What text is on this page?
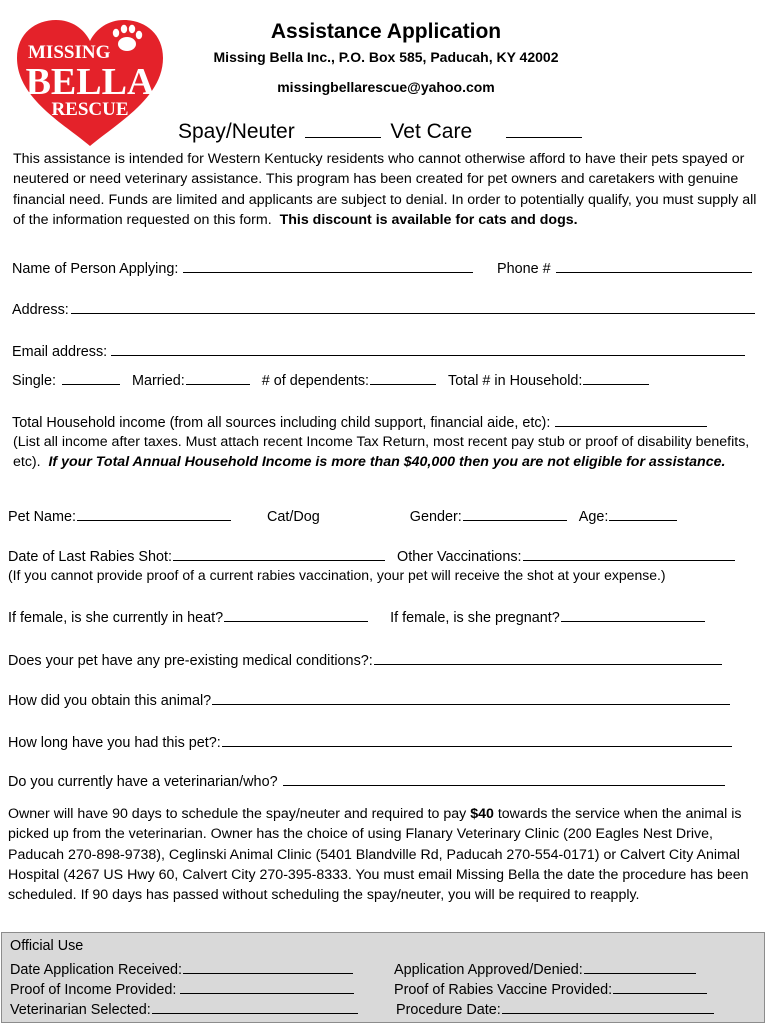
MISSING
BELLA
RESCUE
Assistance Application
Missing Bella Inc., P.O. Box 585, Paducah, KY 42002
missingbellarescue@yahoo.com
Spay/Neuter	Vet Care
This assistance is intended for Western Kentucky residents who cannot otherwise afford to have their pets spayed or neutered or need veterinary assistance. This program has been created for pet owners and caretakers with genuine financial need. Funds are limited and applicants are subject to denial. In order to potentially qualify, you must supply all of the information requested on this form. This discount is available for cats and dogs.
Name of Person Applying:	Phone #
Address:
Email address:
Single:	Married:	# of dependents:	Total # in Household:
Total Household income (from all sources including child support, financial aide, etc):
(List all income after taxes. Must attach recent Income Tax Return, most recent pay stub or proof of disability benefits, etc). If your Total Annual Household Income is more than $40,000 then you are not eligible for assistance.
Pet Name:	Cat/Dog	Gender:	Age:
Date of Last Rabies Shot:	Other Vaccinations:
(If you cannot provide proof of a current rabies vaccination, your pet will receive the shot at your expense.)
If female, is she currently in heat?	If female, is she pregnant?
Does your pet have any pre-existing medical conditions?:
How did you obtain this animal?
How long have you had this pet?:
Do you currently have a veterinarian/who?
Owner will have 90 days to schedule the spay/neuter and required to pay $40 towards the service when the animal is picked up from the veterinarian. Owner has the choice of using Flanary Veterinary Clinic (200 Eagles Nest Drive, Paducah 270-898-9738), Ceglinski Animal Clinic (5401 Blandville Rd, Paducah 270-554-0171) or Calvert City Animal Hospital (4267 US Hwy 60, Calvert City 270-395-8333. You must email Missing Bella the date the procedure has been scheduled. If 90 days has passed without scheduling the spay/neuter, you will be required to reapply.
Official Use
Date Application Received:	Application Approved/Denied:
Proof of Income Provided:	Proof of Rabies Vaccine Provided:
Veterinarian Selected:	Procedure Date:
